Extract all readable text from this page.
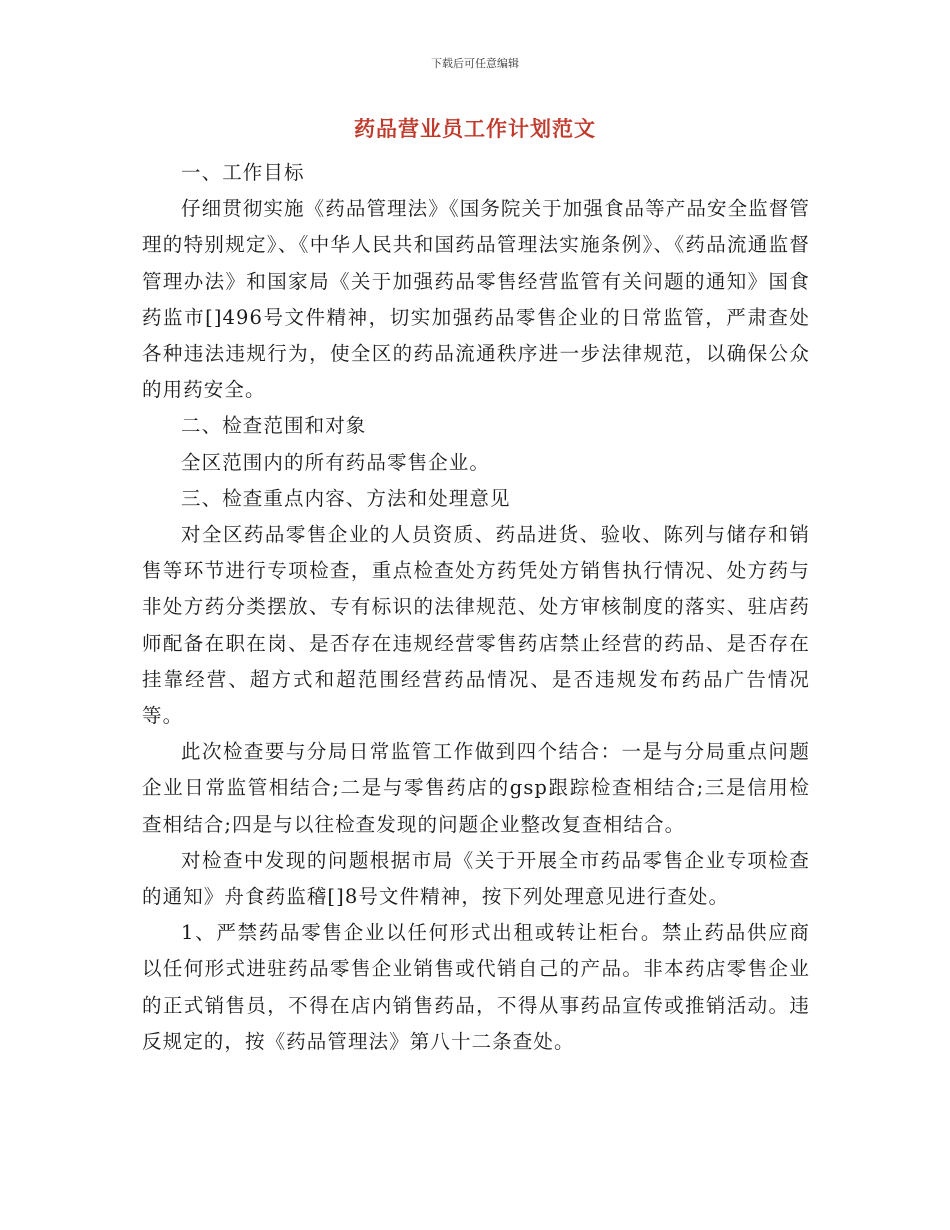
下载后可任意编辑
药品营业员工作计划范文

一、工作目标

仔细贯彻实施《药品管理法》《国务院关于加强食品等产品安全监督管理的特别规定》、《中华人民共和国药品管理法实施条例》、《药品流通监督管理办法》和国家局《关于加强药品零售经营监管有关问题的通知》国食药监市[]496号文件精神，切实加强药品零售企业的日常监管，严肃查处各种违法违规行为，使全区的药品流通秩序进一步法律规范，以确保公众的用药安全。

二、检查范围和对象

全区范围内的所有药品零售企业。

三、检查重点内容、方法和处理意见

对全区药品零售企业的人员资质、药品进货、验收、陈列与储存和销售等环节进行专项检查，重点检查处方药凭处方销售执行情况、处方药与非处方药分类摆放、专有标识的法律规范、处方审核制度的落实、驻店药师配备在职在岗、是否存在违规经营零售药店禁止经营的药品、是否存在挂靠经营、超方式和超范围经营药品情况、是否违规发布药品广告情况等。

此次检查要与分局日常监管工作做到四个结合：一是与分局重点问题企业日常监管相结合;二是与零售药店的gsp跟踪检查相结合;三是信用检查相结合;四是与以往检查发现的问题企业整改复查相结合。

对检查中发现的问题根据市局《关于开展全市药品零售企业专项检查的通知》舟食药监稽[]8号文件精神，按下列处理意见进行查处。

1、严禁药品零售企业以任何形式出租或转让柜台。禁止药品供应商以任何形式进驻药品零售企业销售或代销自己的产品。非本药店零售企业的正式销售员，不得在店内销售药品，不得从事药品宣传或推销活动。违反规定的，按《药品管理法》第八十二条查处。
